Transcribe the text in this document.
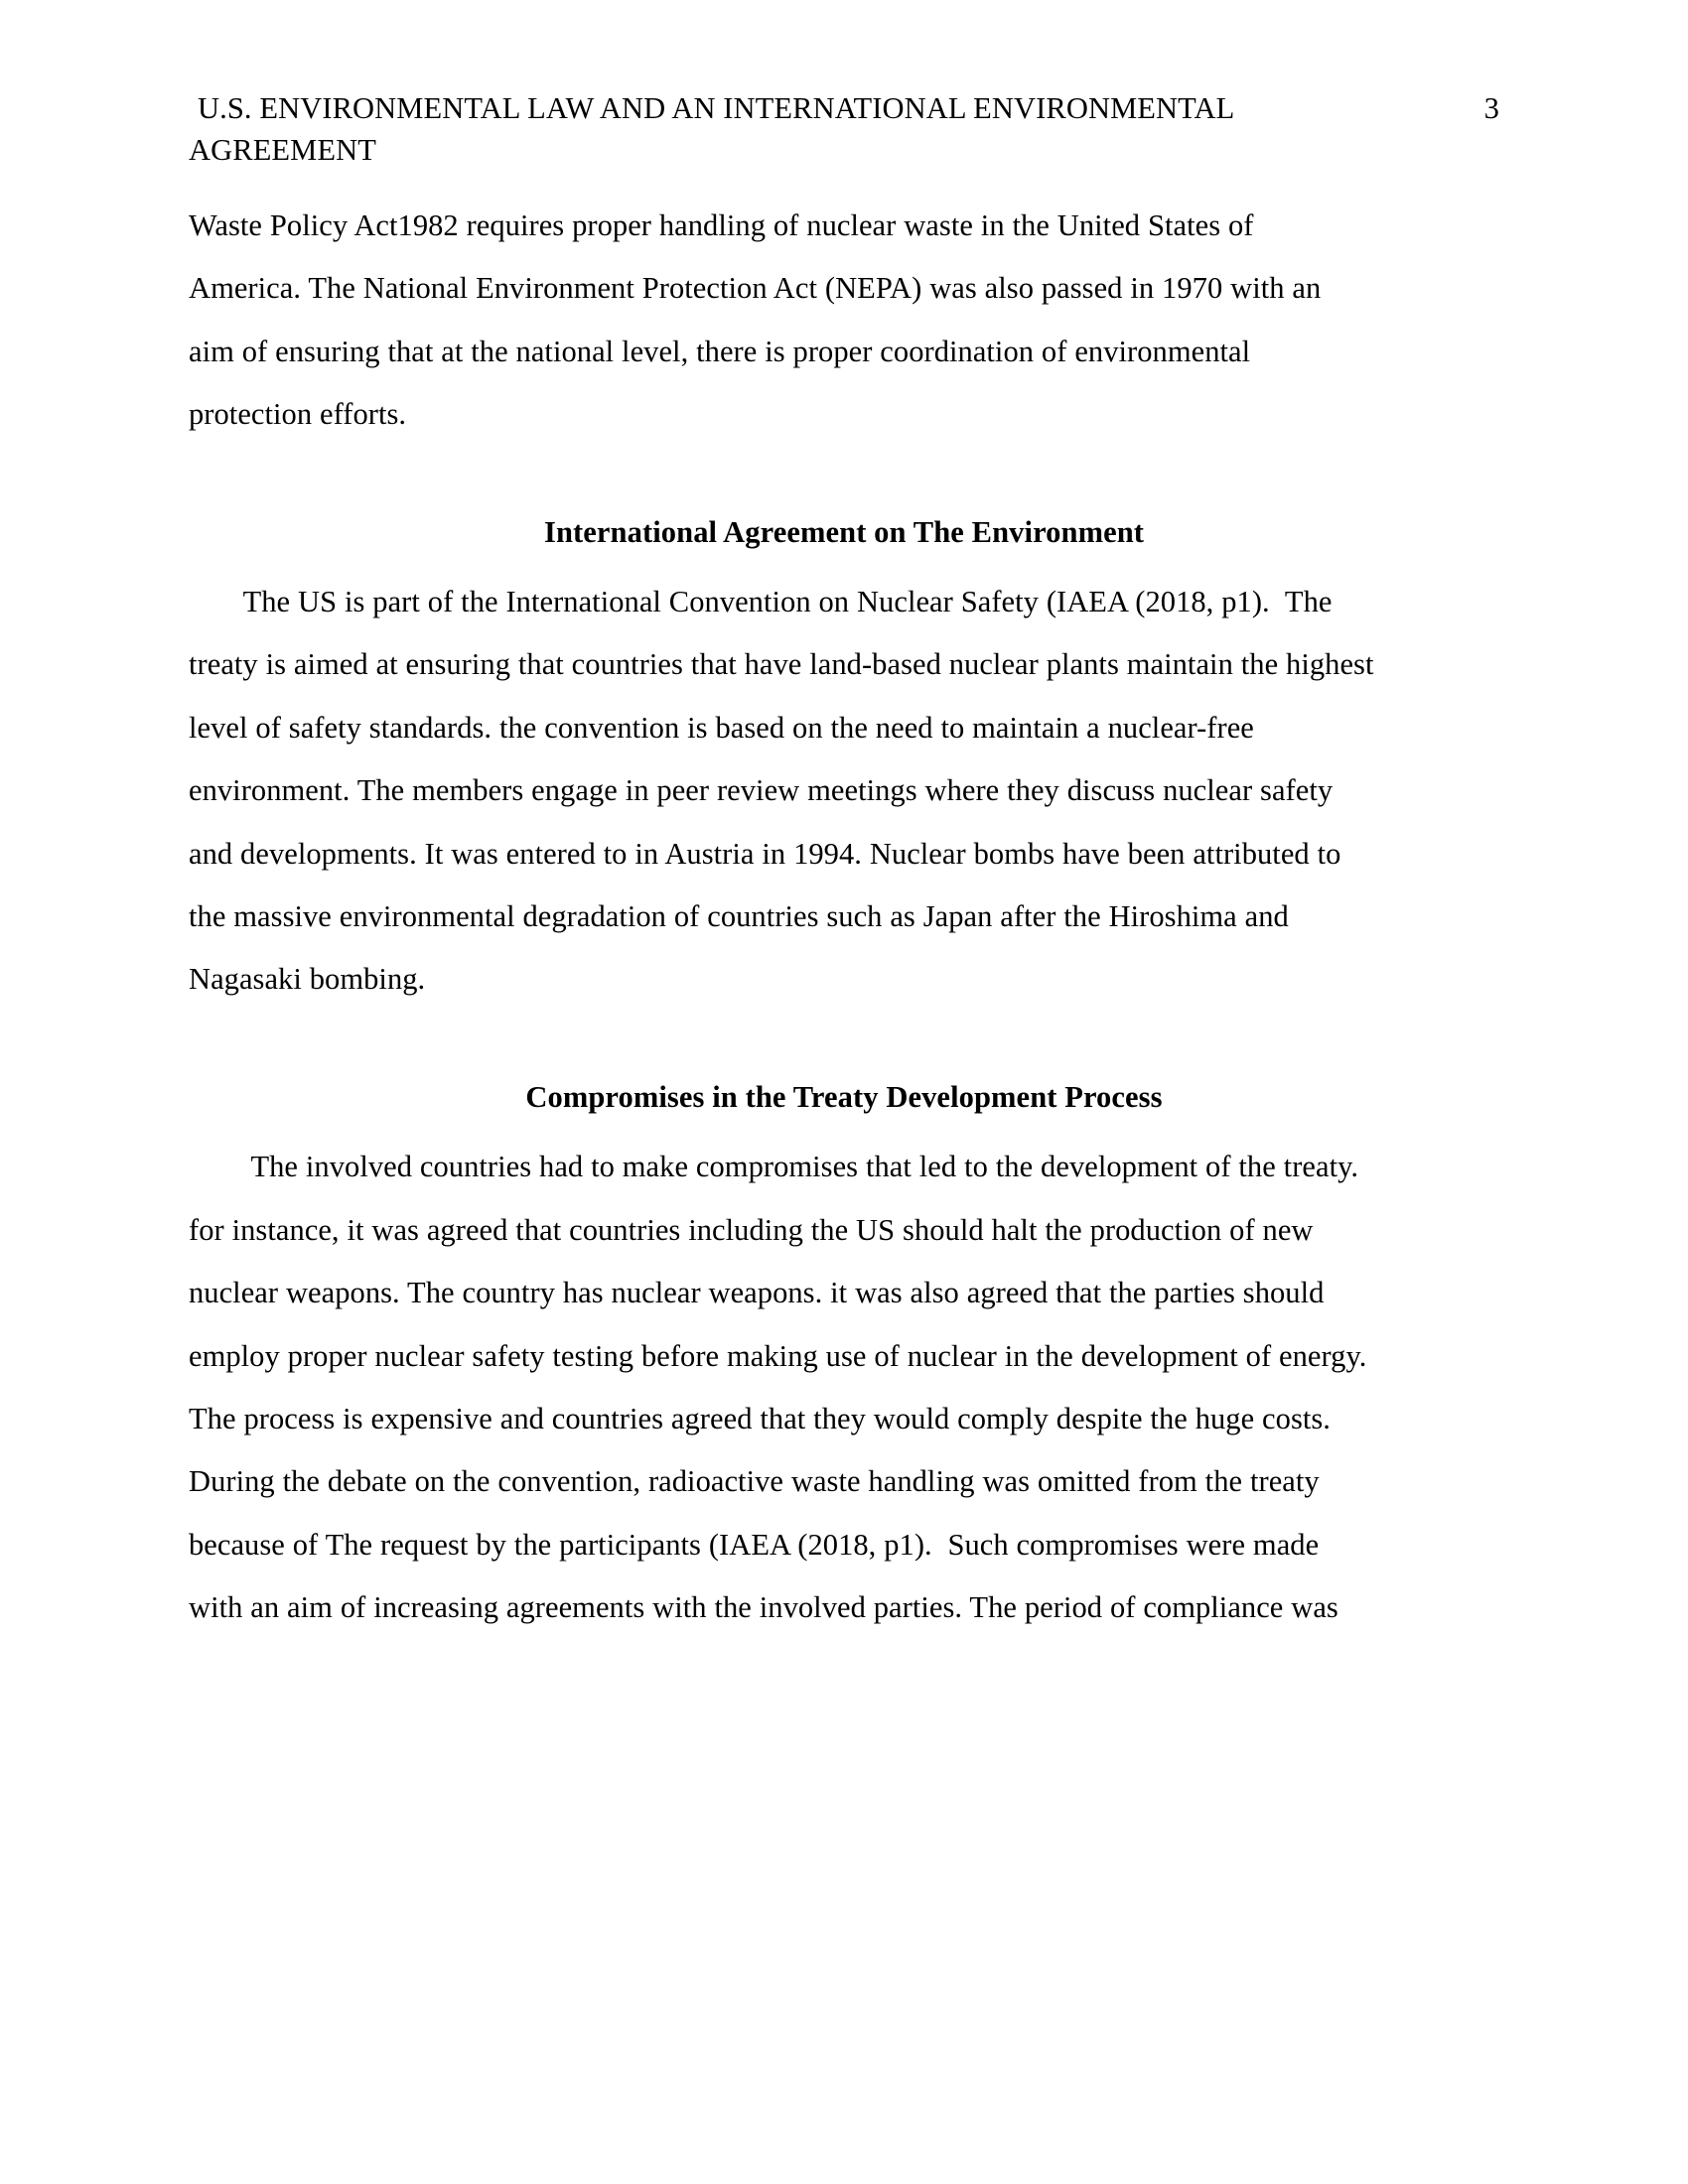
U.S. ENVIRONMENTAL LAW AND AN INTERNATIONAL ENVIRONMENTAL
AGREEMENT
3

Waste Policy Act1982 requires proper handling of nuclear waste in the United States of
America. The National Environment Protection Act (NEPA) was also passed in 1970 with an
aim of ensuring that at the national level, there is proper coordination of environmental
protection efforts.

International Agreement on The Environment

The US is part of the International Convention on Nuclear Safety (IAEA (2018, p1).  The
treaty is aimed at ensuring that countries that have land-based nuclear plants maintain the highest
level of safety standards. the convention is based on the need to maintain a nuclear-free
environment. The members engage in peer review meetings where they discuss nuclear safety
and developments. It was entered to in Austria in 1994. Nuclear bombs have been attributed to
the massive environmental degradation of countries such as Japan after the Hiroshima and
Nagasaki bombing.

Compromises in the Treaty Development Process

The involved countries had to make compromises that led to the development of the treaty.
for instance, it was agreed that countries including the US should halt the production of new
nuclear weapons. The country has nuclear weapons. it was also agreed that the parties should
employ proper nuclear safety testing before making use of nuclear in the development of energy.
The process is expensive and countries agreed that they would comply despite the huge costs.
During the debate on the convention, radioactive waste handling was omitted from the treaty
because of The request by the participants (IAEA (2018, p1).  Such compromises were made
with an aim of increasing agreements with the involved parties. The period of compliance was
